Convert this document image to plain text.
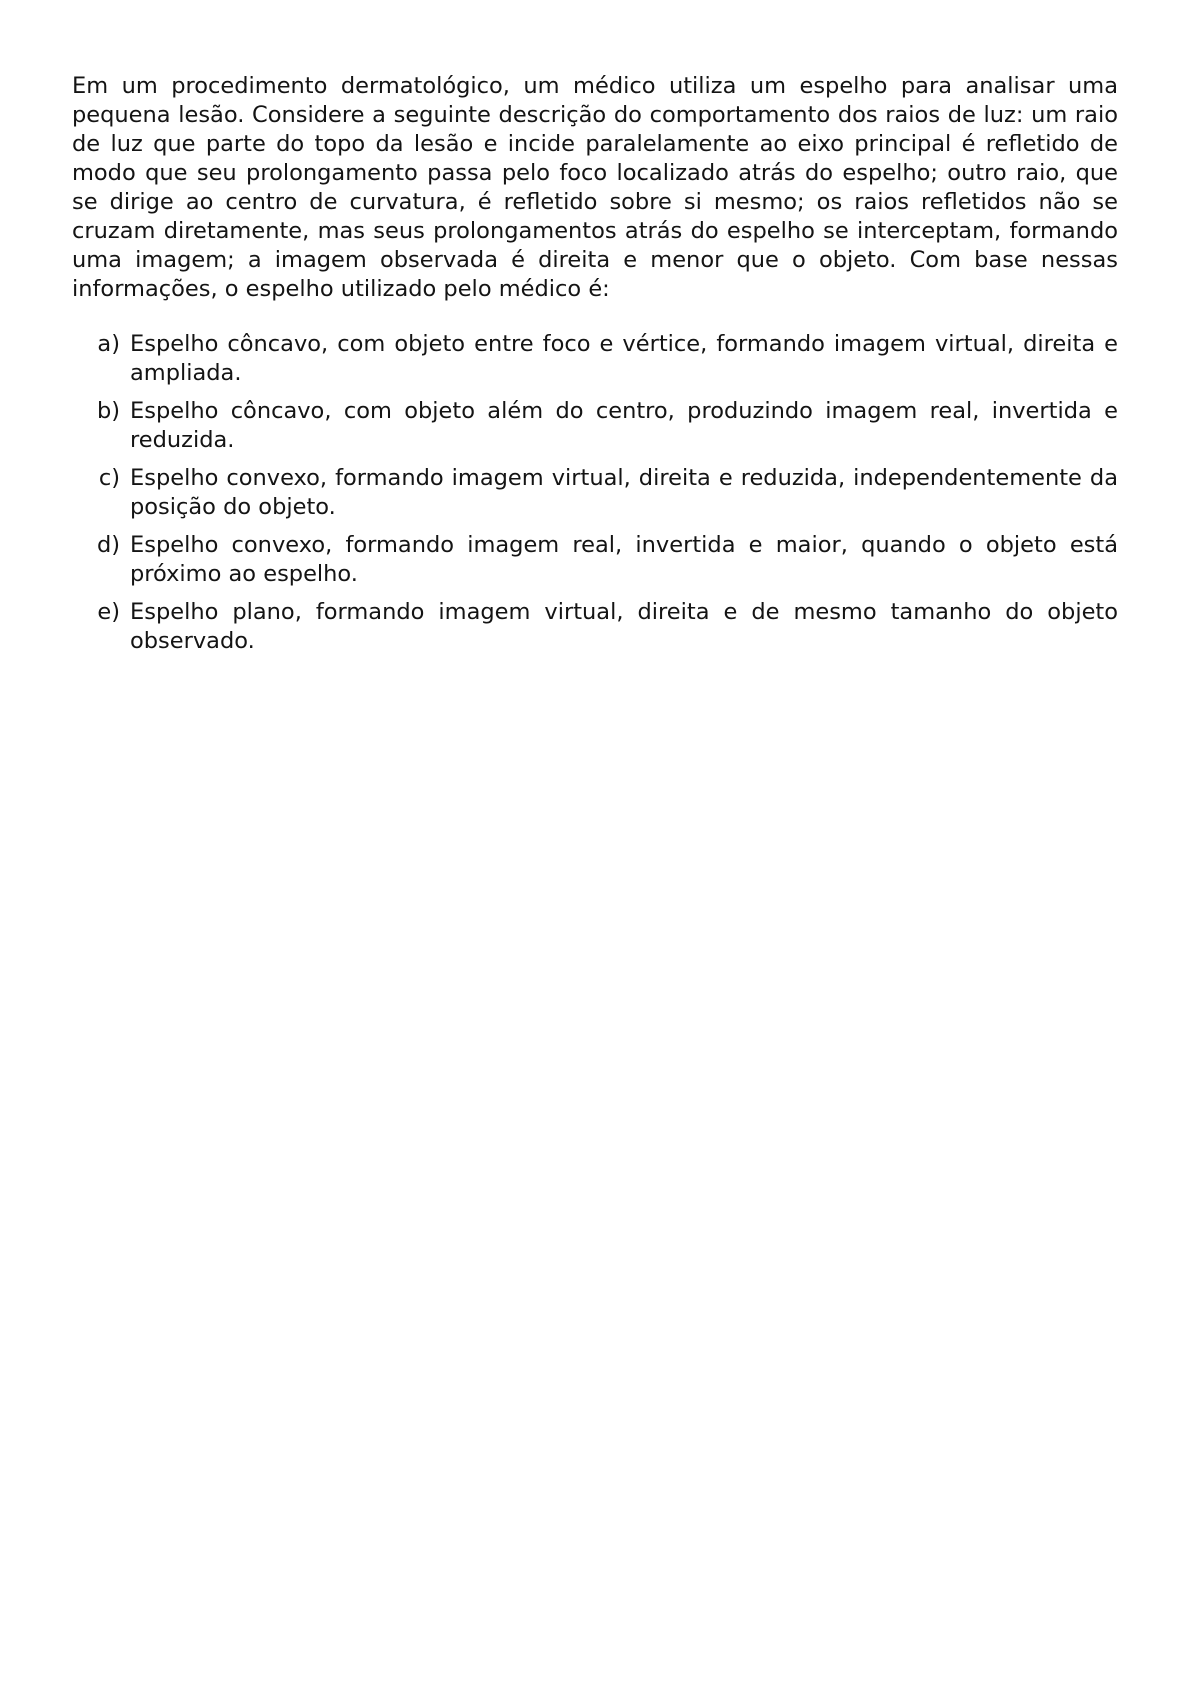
Em um procedimento dermatológico, um médico utiliza um espelho para analisar uma pequena lesão. Considere a seguinte descrição do comportamento dos raios de luz: um raio de luz que parte do topo da lesão e incide paralelamente ao eixo principal é refletido de modo que seu prolongamento passa pelo foco localizado atrás do espelho; outro raio, que se dirige ao centro de curvatura, é refletido sobre si mesmo; os raios refletidos não se cruzam diretamente, mas seus prolongamentos atrás do espelho se interceptam, formando uma imagem; a imagem observada é direita e menor que o objeto. Com base nessas informações, o espelho utilizado pelo médico é:

a) Espelho côncavo, com objeto entre foco e vértice, formando imagem virtual, direita e ampliada.
b) Espelho côncavo, com objeto além do centro, produzindo imagem real, invertida e reduzida.
c) Espelho convexo, formando imagem virtual, direita e reduzida, independentemente da posição do objeto.
d) Espelho convexo, formando imagem real, invertida e maior, quando o objeto está próximo ao espelho.
e) Espelho plano, formando imagem virtual, direita e de mesmo tamanho do objeto observado.
